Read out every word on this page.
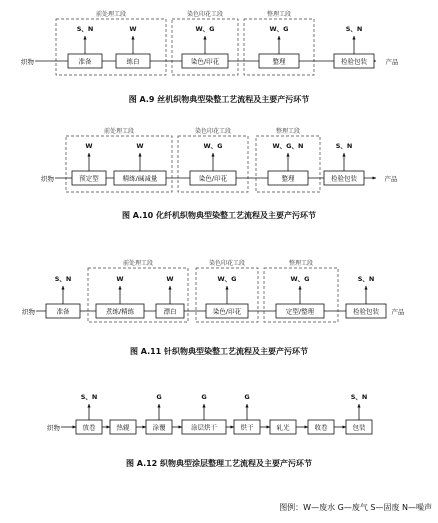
前处理工段	染色印花工段	整理工段
织物	产品
准备	练白	染色/印花	整理	检验包装
S、N	W	W、G	W、G	S、N
前处理工段	染色印花工段	整理工段
织物	产品
预定型	精练/碱减量	染色/印花	整理	检验包装
W	W	W、G	W、G、N	S、N
前处理工段	染色印花工段	整理工段
织物	产品
准备	煮练/精练	漂白	染色/印花	定型/整理	检验包装
S、N	W	W	W、G	W、G	S、N
织物	放卷	热辊	涂覆	涂层烘干	烘干	轧光	收卷	包装
S、N	G	G	G	S、N
图 A.9 丝机织物典型染整工艺流程及主要产污环节
图 A.10 化纤机织物典型染整工艺流程及主要产污环节
图 A.11 针织物典型染整工艺流程及主要产污环节
图 A.12 织物典型涂层整理工艺流程及主要产污环节
图例：W—废水 G—废气 S—固废 N—噪声
